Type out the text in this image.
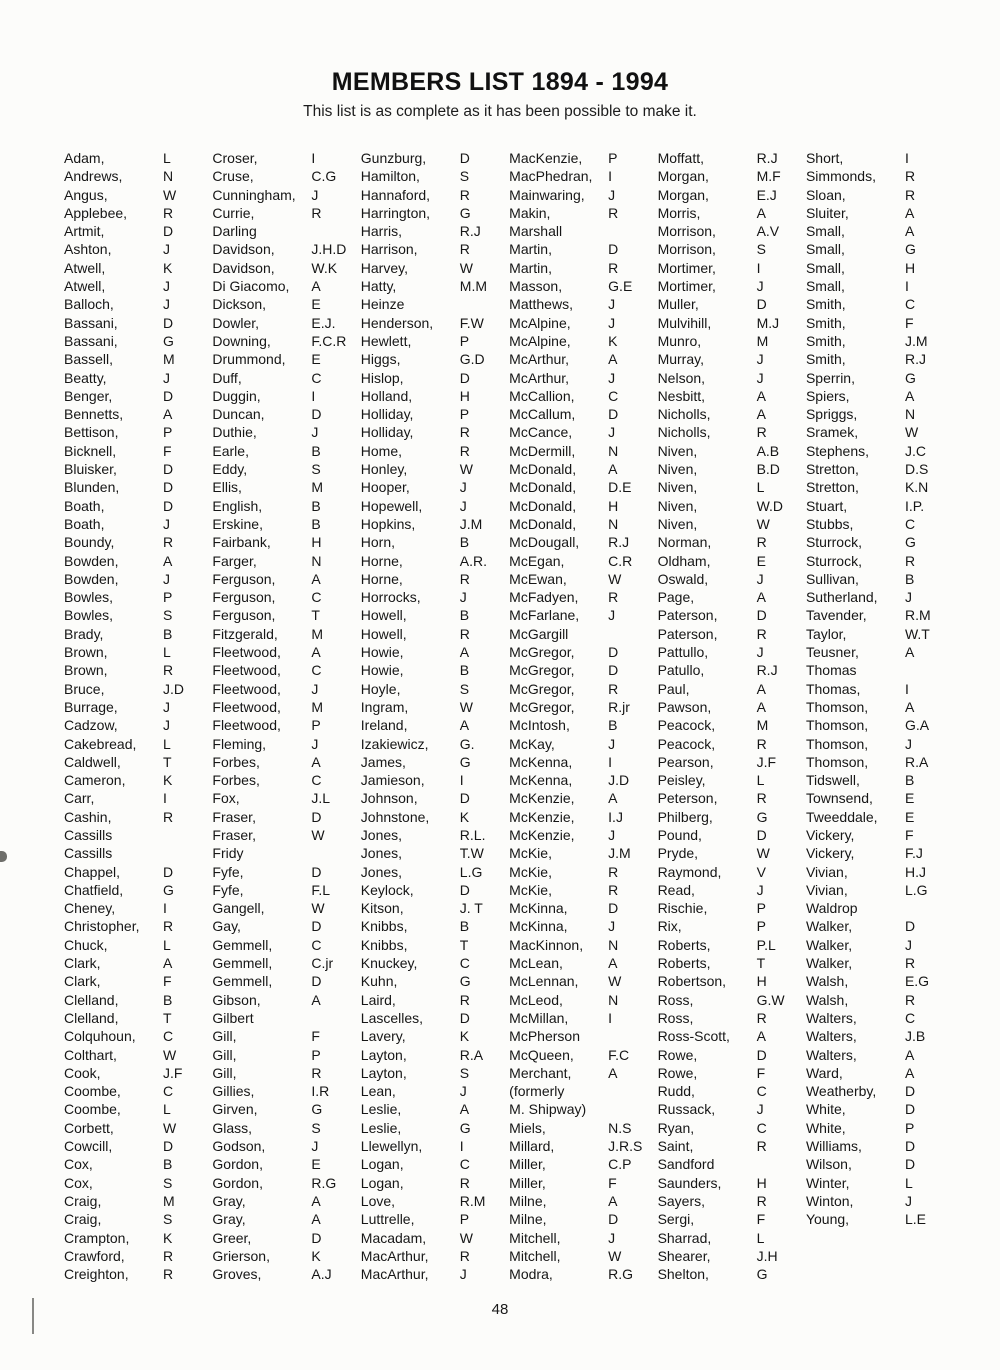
MEMBERS LIST 1894 - 1994

This list is as complete as it has been possible to make it.

Adam,	L
Andrews,	N
Angus,	W
Applebee,	R
Artmit,	D
Ashton,	J
Atwell,	K
Atwell,	J
Balloch,	J
Bassani,	D
Bassani,	G
Bassell,	M
Beatty,	J
Benger,	D
Bennetts,	A
Bettison,	P
Bicknell,	F
Bluisker,	D
Blunden,	D
Boath,	D
Boath,	J
Boundy,	R
Bowden,	A
Bowden,	J
Bowles,	P
Bowles,	S
Brady,	B
Brown,	L
Brown,	R
Bruce,	J.D
Burrage,	J
Cadzow,	J
Cakebread,	L
Caldwell,	T
Cameron,	K
Carr,	I
Cashin,	R
Cassills
Cassills
Chappel,	D
Chatfield,	G
Cheney,	I
Christopher,	R
Chuck,	L
Clark,	A
Clark,	F
Clelland,	B
Clelland,	T
Colquhoun,	C
Colthart,	W
Cook,	J.F
Coombe,	C
Coombe,	L
Corbett,	W
Cowcill,	D
Cox,	B
Cox,	S
Craig,	M
Craig,	S
Crampton,	K
Crawford,	R
Creighton,	R
Croser,	I
Cruse,	C.G
Cunningham,	J
Currie,	R
Darling
Davidson,	J.H.D
Davidson,	W.K
Di Giacomo,	A
Dickson,	E
Dowler,	E.J.
Downing,	F.C.R
Drummond,	E
Duff,	C
Duggin,	I
Duncan,	D
Duthie,	J
Earle,	B
Eddy,	S
Ellis,	M
English,	B
Erskine,	B
Fairbank,	H
Farger,	N
Ferguson,	A
Ferguson,	C
Ferguson,	T
Fitzgerald,	M
Fleetwood,	A
Fleetwood,	C
Fleetwood,	J
Fleetwood,	M
Fleetwood,	P
Fleming,	J
Forbes,	A
Forbes,	C
Fox,	J.L
Fraser,	D
Fraser,	W
Fridy
Fyfe,	D
Fyfe,	F.L
Gangell,	W
Gay,	D
Gemmell,	C
Gemmell,	C.jr
Gemmell,	D
Gibson,	A
Gilbert
Gill,	F
Gill,	P
Gill,	R
Gillies,	I.R
Girven,	G
Glass,	S
Godson,	J
Gordon,	E
Gordon,	R.G
Gray,	A
Gray,	A
Greer,	D
Grierson,	K
Groves,	A.J
Gunzburg,	D
Hamilton,	S
Hannaford,	R
Harrington,	G
Harris,	R.J
Harrison,	R
Harvey,	W
Hatty,	M.M
Heinze
Henderson,	F.W
Hewlett,	P
Higgs,	G.D
Hislop,	D
Holland,	H
Holliday,	P
Holliday,	R
Home,	R
Honley,	W
Hooper,	J
Hopewell,	J
Hopkins,	J.M
Horn,	B
Horne,	A.R.
Horne,	R
Horrocks,	J
Howell,	B
Howell,	R
Howie,	A
Howie,	B
Hoyle,	S
Ingram,	W
Ireland,	A
Izakiewicz,	G.
James,	G
Jamieson,	I
Johnson,	D
Johnstone,	K
Jones,	R.L.
Jones,	T.W
Jones,	L.G
Keylock,	D
Kitson,	J. T
Knibbs,	B
Knibbs,	T
Knuckey,	C
Kuhn,	G
Laird,	R
Lascelles,	D
Lavery,	K
Layton,	R.A
Layton,	S
Lean,	J
Leslie,	A
Leslie,	G
Llewellyn,	I
Logan,	C
Logan,	R
Love,	R.M
Luttrelle,	P
Macadam,	W
MacArthur,	R
MacArthur,	J
MacKenzie,	P
MacPhedran,	I
Mainwaring,	J
Makin,	R
Marshall
Martin,	D
Martin,	R
Masson,	G.E
Matthews,	J
McAlpine,	J
McAlpine,	K
McArthur,	A
McArthur,	J
McCallion,	C
McCallum,	D
McCance,	J
McDermill,	N
McDonald,	A
McDonald,	D.E
McDonald,	H
McDonald,	N
McDougall,	R.J
McEgan,	C.R
McEwan,	W
McFadyen,	R
McFarlane,	J
McGargill
McGregor,	D
McGregor,	D
McGregor,	R
McGregor,	R.jr
McIntosh,	B
McKay,	J
McKenna,	I
McKenna,	J.D
McKenzie,	A
McKenzie,	I.J
McKenzie,	J
McKie,	J.M
McKie,	R
McKie,	R
McKinna,	D
McKinna,	J
MacKinnon,	N
McLean,	A
McLennan,	W
McLeod,	N
McMillan,	I
McPherson
McQueen,	F.C
Merchant,	A
(formerly
M. Shipway)
Miels,	N.S
Millard,	J.R.S
Miller,	C.P
Miller,	F
Milne,	A
Milne,	D
Mitchell,	J
Mitchell,	W
Modra,	R.G
Moffatt,	R.J
Morgan,	M.F
Morgan,	E.J
Morris,	A
Morrison,	A.V
Morrison,	S
Mortimer,	I
Mortimer,	J
Muller,	D
Mulvihill,	M.J
Munro,	M
Murray,	J
Nelson,	J
Nesbitt,	A
Nicholls,	A
Nicholls,	R
Niven,	A.B
Niven,	B.D
Niven,	L
Niven,	W.D
Niven,	W
Norman,	R
Oldham,	E
Oswald,	J
Page,	A
Paterson,	D
Paterson,	R
Pattullo,	J
Patullo,	R.J
Paul,	A
Pawson,	A
Peacock,	M
Peacock,	R
Pearson,	J.F
Peisley,	L
Peterson,	R
Philberg,	G
Pound,	D
Pryde,	W
Raymond,	V
Read,	J
Rischie,	P
Rix,	P
Roberts,	P.L
Roberts,	T
Robertson,	H
Ross,	G.W
Ross,	R
Ross-Scott,	A
Rowe,	D
Rowe,	F
Rudd,	C
Russack,	J
Ryan,	C
Saint,	R
Sandford
Saunders,	H
Sayers,	R
Sergi,	F
Sharrad,	L
Shearer,	J.H
Shelton,	G
Short,	I
Simmonds,	R
Sloan,	R
Sluiter,	A
Small,	A
Small,	G
Small,	H
Small,	I
Smith,	C
Smith,	F
Smith,	J.M
Smith,	R.J
Sperrin,	G
Spiers,	A
Spriggs,	N
Sramek,	W
Stephens,	J.C
Stretton,	D.S
Stretton,	K.N
Stuart,	I.P.
Stubbs,	C
Sturrock,	G
Sturrock,	R
Sullivan,	B
Sutherland,	J
Tavender,	R.M
Taylor,	W.T
Teusner,	A
Thomas
Thomas,	I
Thomson,	A
Thomson,	G.A
Thomson,	J
Thomson,	R.A
Tidswell,	B
Townsend,	E
Tweeddale,	E
Vickery,	F
Vickery,	F.J
Vivian,	H.J
Vivian,	L.G
Waldrop
Walker,	D
Walker,	J
Walker,	R
Walsh,	E.G
Walsh,	R
Walters,	C
Walters,	J.B
Walters,	A
Ward,	A
Weatherby,	D
White,	D
White,	P
Williams,	D
Wilson,	D
Winter,	L
Winton,	J
Young,	L.E
48
